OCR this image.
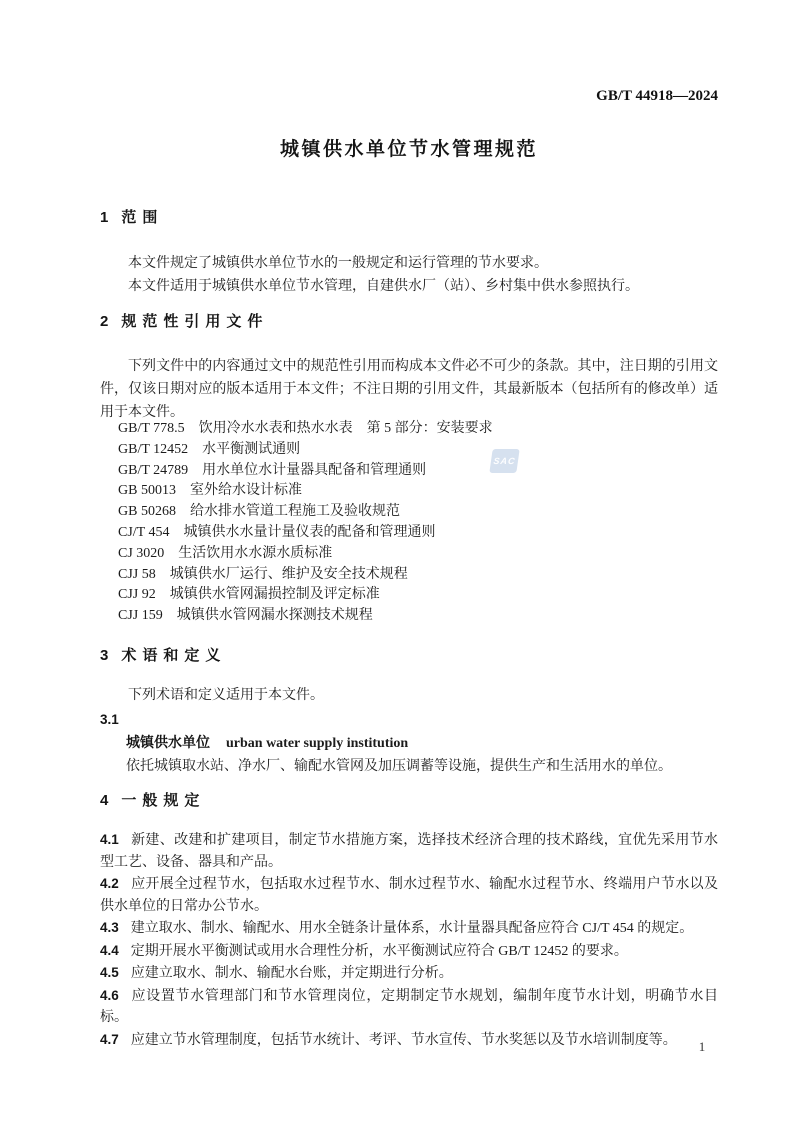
GB/T 44918—2024
城镇供水单位节水管理规范
SAC
1 范围

本文件规定了城镇供水单位节水的一般规定和运行管理的节水要求。

本文件适用于城镇供水单位节水管理，自建供水厂（站）、乡村集中供水参照执行。

2 规范性引用文件

下列文件中的内容通过文中的规范性引用而构成本文件必不可少的条款。其中，注日期的引用文件，仅该日期对应的版本适用于本文件；不注日期的引用文件，其最新版本（包括所有的修改单）适用于本文件。

GB/T 778.5 饮用冷水水表和热水水表　第 5 部分：安装要求
GB/T 12452 水平衡测试通则
GB/T 24789 用水单位水计量器具配备和管理通则
GB 50013 室外给水设计标准
GB 50268 给水排水管道工程施工及验收规范
CJ/T 454 城镇供水水量计量仪表的配备和管理通则
CJ 3020 生活饮用水水源水质标准
CJJ 58 城镇供水厂运行、维护及安全技术规程
CJJ 92 城镇供水管网漏损控制及评定标准
CJJ 159 城镇供水管网漏水探测技术规程
3 术语和定义

下列术语和定义适用于本文件。

3.1
城镇供水单位 urban water supply institution

依托城镇取水站、净水厂、输配水管网及加压调蓄等设施，提供生产和生活用水的单位。

4 一般规定

4.1 新建、改建和扩建项目，制定节水措施方案，选择技术经济合理的技术路线，宜优先采用节水型工艺、设备、器具和产品。

4.2 应开展全过程节水，包括取水过程节水、制水过程节水、输配水过程节水、终端用户节水以及供水单位的日常办公节水。

4.3 建立取水、制水、输配水、用水全链条计量体系，水计量器具配备应符合 CJ/T 454 的规定。

4.4 定期开展水平衡测试或用水合理性分析，水平衡测试应符合 GB/T 12452 的要求。

4.5 应建立取水、制水、输配水台账，并定期进行分析。

4.6 应设置节水管理部门和节水管理岗位，定期制定节水规划，编制年度节水计划，明确节水目标。

4.7 应建立节水管理制度，包括节水统计、考评、节水宣传、节水奖惩以及节水培训制度等。	1
